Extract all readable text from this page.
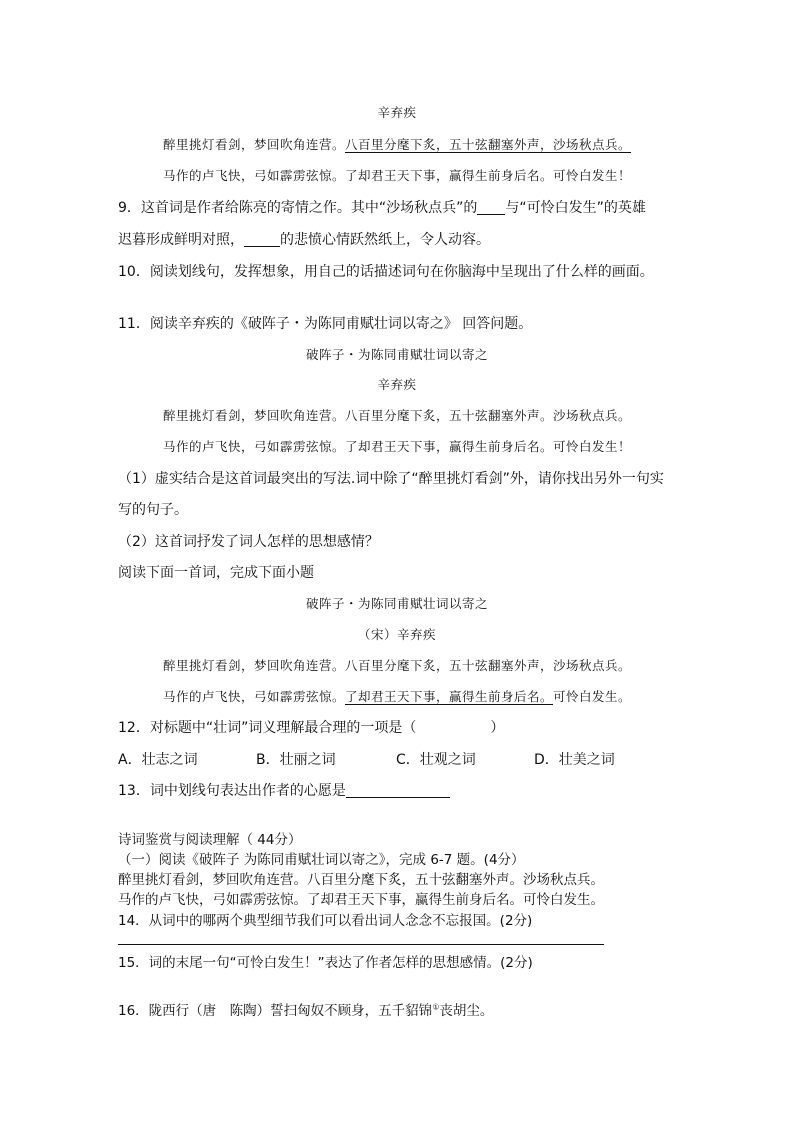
辛弃疾
醉里挑灯看剑，梦回吹角连营。八百里分麾下炙，五十弦翻塞外声，沙场秋点兵。
马作的卢飞快，弓如霹雳弦惊。了却君王天下事，赢得生前身后名。可怜白发生！
9．这首词是作者给陈亮的寄情之作。其中“沙场秋点兵”的 与“可怜白发生”的英雄
迟暮形成鲜明对照，	的悲愤心情跃然纸上，令人动容。
10．阅读划线句，发挥想象，用自己的话描述词句在你脑海中呈现出了什么样的画面。
11．阅读辛弃疾的《破阵子・为陈同甫赋壮词以寄之》 回答问题。
破阵子・为陈同甫赋壮词以寄之
辛弃疾
醉里挑灯看剑，梦回吹角连营。八百里分麾下炙，五十弦翻塞外声。沙场秋点兵。
马作的卢飞快，弓如霹雳弦惊。了却君王天下事，赢得生前身后名。可怜白发生！
（1）虚实结合是这首词最突出的写法.词中除了“醉里挑灯看剑”外，请你找出另外一句实
写的句子。
（2）这首词抒发了词人怎样的思想感情？
阅读下面一首词，完成下面小题
破阵子・为陈同甫赋壮词以寄之
（宋）辛弃疾
醉里挑灯看剑，梦回吹角连营。八百里分麾下炙，五十弦翻塞外声，沙场秋点兵。
马作的卢飞快，弓如霹雳弦惊。了却君王天下事，赢得生前身后名。可怜白发生。
12．对标题中“壮词”词义理解最合理的一项是（	）
A．壮志之词	B．壮丽之词	C．壮观之词	D．壮美之词
13．词中划线句表达出作者的心愿是
诗词鉴赏与阅读理解（ 44分）
（一）阅读《破阵子 为陈同甫赋壮词以寄之》，完成 6-7 题。(4分）
醉里挑灯看剑，梦回吹角连营。八百里分麾下炙，五十弦翻塞外声。沙场秋点兵。
马作的卢飞快，弓如霹雳弦惊。了却君王天下事，赢得生前身后名。可怜白发生。
14．从词中的哪两个典型细节我们可以看出词人念念不忘报国。(2分)
15．词的末尾一句“可怜白发生！”表达了作者怎样的思想感情。(2分)
16．陇西行（唐　陈陶）誓扫匈奴不顾身，五千貂锦①丧胡尘。
